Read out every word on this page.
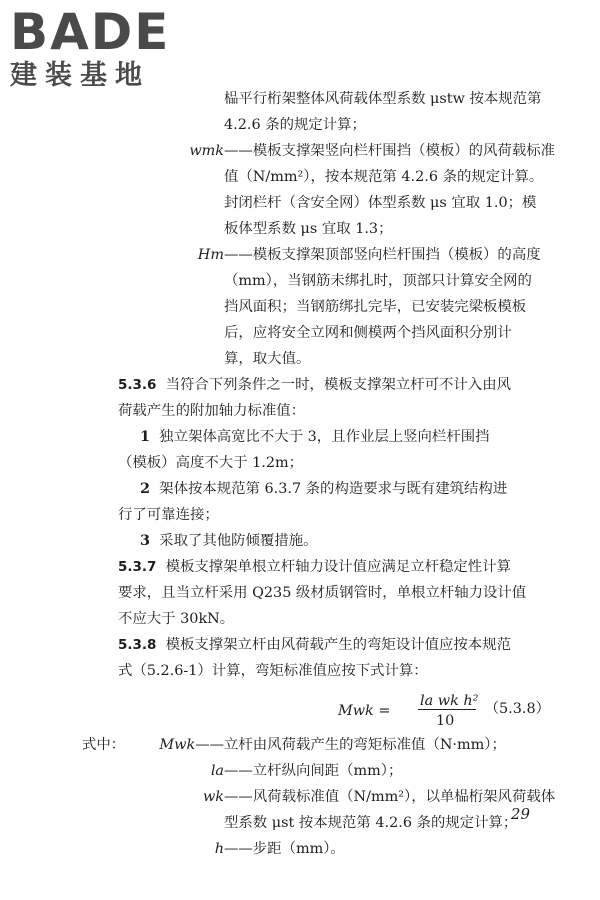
BADE
建装基地
榀平行桁架整体风荷载体型系数 μstw 按本规范第
4.2.6 条的规定计算；
wmk——模板支撑架竖向栏杆围挡（模板）的风荷载标准
值（N/mm²），按本规范第 4.2.6 条的规定计算。
封闭栏杆（含安全网）体型系数 μs 宜取 1.0；模
板体型系数 μs 宜取 1.3；
Hm——模板支撑架顶部竖向栏杆围挡（模板）的高度
（mm），当钢筋未绑扎时，顶部只计算安全网的
挡风面积；当钢筋绑扎完毕，已安装完梁板模板
后，应将安全立网和侧模两个挡风面积分别计
算，取大值。
5.3.6 当符合下列条件之一时，模板支撑架立杆可不计入由风
荷载产生的附加轴力标准值：
1 独立架体高宽比不大于 3，且作业层上竖向栏杆围挡
（模板）高度不大于 1.2m；
2 架体按本规范第 6.3.7 条的构造要求与既有建筑结构进
行了可靠连接；
3 采取了其他防倾覆措施。
5.3.7 模板支撑架单根立杆轴力设计值应满足立杆稳定性计算
要求，且当立杆采用 Q235 级材质钢管时，单根立杆轴力设计值
不应大于 30kN。
5.3.8 模板支撑架立杆由风荷载产生的弯矩设计值应按本规范
式（5.2.6-1）计算，弯矩标准值应按下式计算：
Mwk =
la wk h²
10
（5.3.8）
式中： Mwk——立杆由风荷载产生的弯矩标准值（N·mm）；
la——立杆纵向间距（mm）；
wk——风荷载标准值（N/mm²），以单榀桁架风荷载体
型系数 μst 按本规范第 4.2.6 条的规定计算；
h——步距（mm）。
29
